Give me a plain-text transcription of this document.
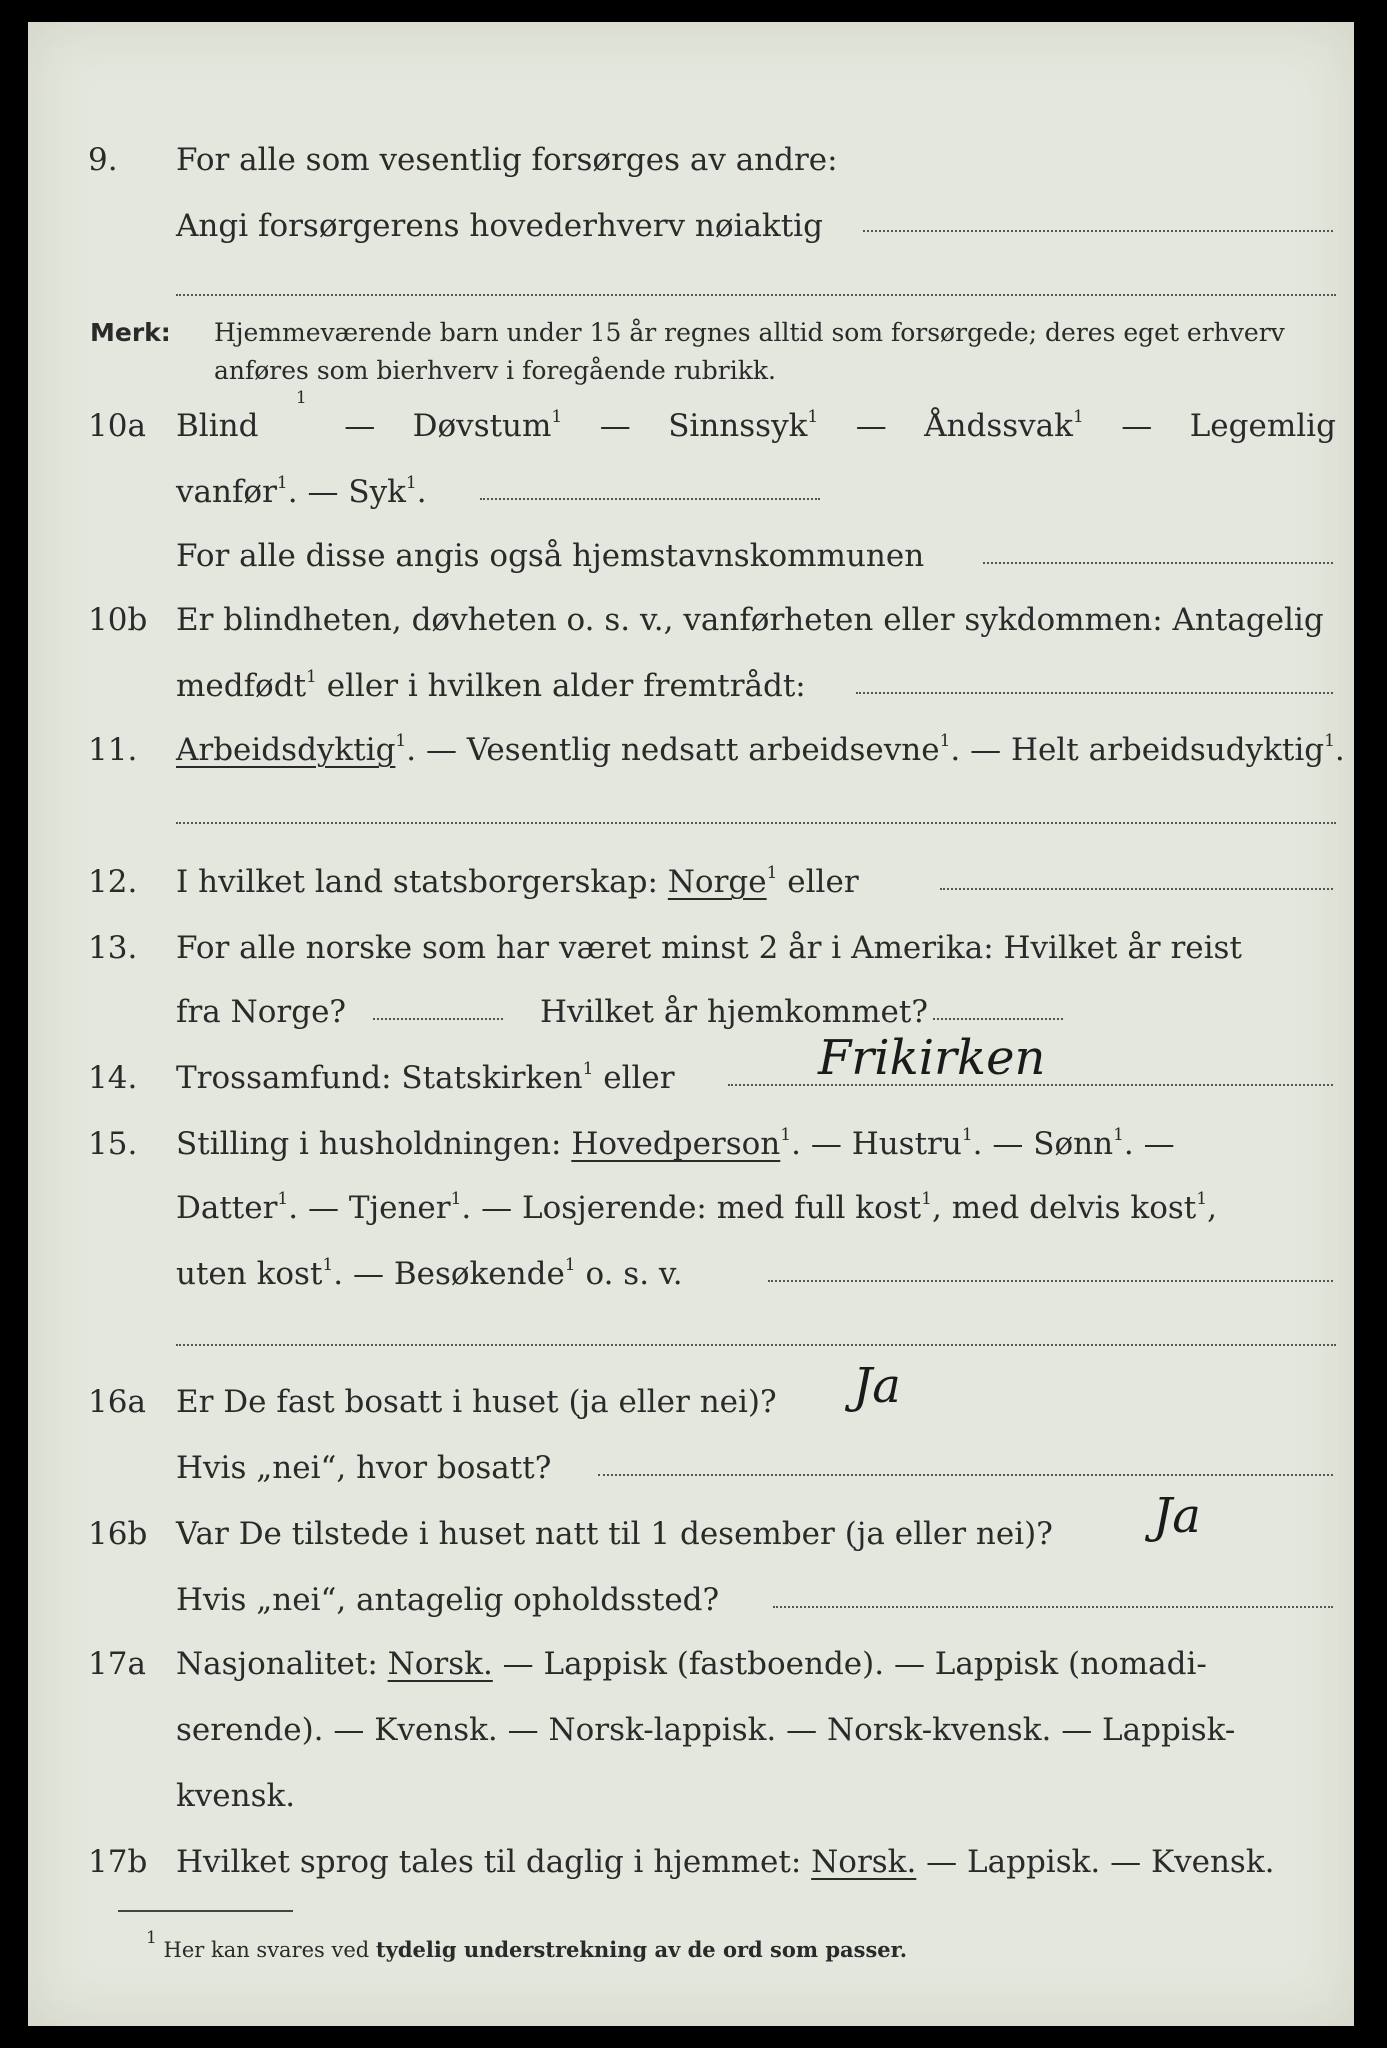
9. For alle som vesentlig forsørges av andre:
Angi forsørgerens hovederhverv nøiaktig
Merk: Hjemmeværende barn under 15 år regnes alltid som forsørgede; deres eget erhverv
anføres som bierhverv i foregående rubrikk.
10a Blind
1
— Døvstum$^1$ — Sinnssyk$^1$ — Åndssvak$^1$ — Legemlig
vanfør$^1$. — Syk$^1$.
For alle disse angis også hjemstavnskommunen
10b Er blindheten, døvheten o. s. v., vanførheten eller sykdommen: Antagelig
medfødt$^1$ eller i hvilken alder fremtrådt:
11. Arbeidsdyktig$^1$. — Vesentlig nedsatt arbeidsevne$^1$. — Helt arbeidsudyktig$^1$.
12. I hvilket land statsborgerskap: Norge$^1$ eller
13. For alle norske som har været minst 2 år i Amerika: Hvilket år reist
fra Norge?	Hvilket år hjemkommet?
14. Trossamfund: Statskirken$^1$ eller	Frikirken
15. Stilling i husholdningen: Hovedperson$^1$. — Hustru$^1$. — Sønn$^1$. —
Datter$^1$. — Tjener$^1$. — Losjerende: med full kost$^1$, med delvis kost$^1$,
uten kost$^1$. — Besøkende$^1$ o. s. v.
16a Er De fast bosatt i huset (ja eller nei)? Ja
Hvis „nei“, hvor bosatt?
16b Var De tilstede i huset natt til 1 desember (ja eller nei)? Ja
Hvis „nei“, antagelig opholdssted?
17a Nasjonalitet: Norsk. — Lappisk (fastboende). — Lappisk (nomadi-
serende). — Kvensk. — Norsk-lappisk. — Norsk-kvensk. — Lappisk-
kvensk.
17b Hvilket sprog tales til daglig i hjemmet: Norsk. — Lappisk. — Kvensk.
$^1$ Her kan svares ved tydelig understrekning av de ord som passer.
